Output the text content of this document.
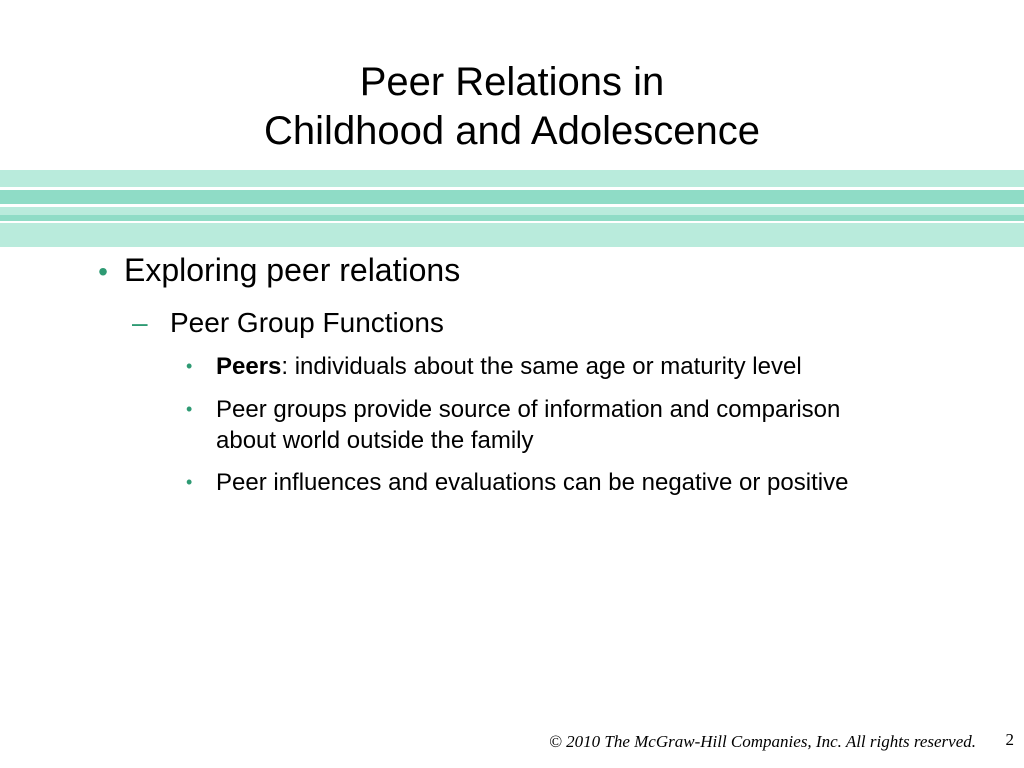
Peer Relations in
Childhood and Adolescence
• Exploring peer relations
– Peer Group Functions
• Peers: individuals about the same age or maturity level
• Peer groups provide source of information and comparison about world outside the family
• Peer influences and evaluations can be negative or positive
© 2010 The McGraw-Hill Companies, Inc. All rights reserved. 2
